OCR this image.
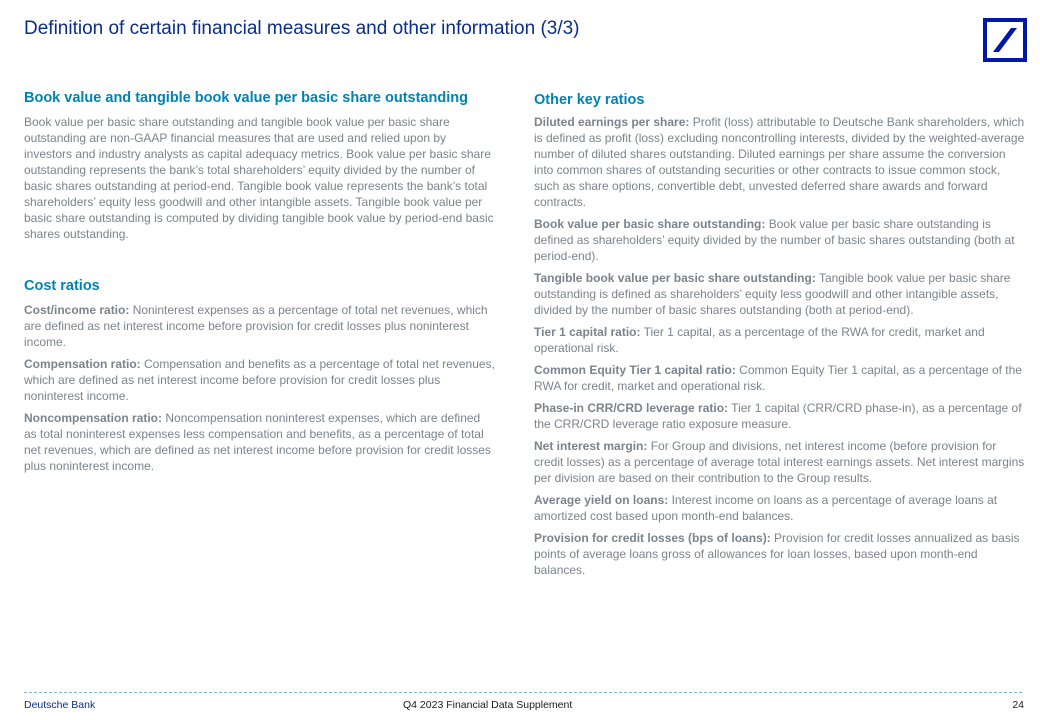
Definition of certain financial measures and other information (3/3)
Book value and tangible book value per basic share outstanding

Book value per basic share outstanding and tangible book value per basic share outstanding are non-GAAP financial measures that are used and relied upon by investors and industry analysts as capital adequacy metrics. Book value per basic share outstanding represents the bank’s total shareholders’ equity divided by the number of basic shares outstanding at period-end. Tangible book value represents the bank’s total shareholders’ equity less goodwill and other intangible assets. Tangible book value per basic share outstanding is computed by dividing tangible book value by period-end basic shares outstanding.

Cost ratios

Cost/income ratio: Noninterest expenses as a percentage of total net revenues, which are defined as net interest income before provision for credit losses plus noninterest income.

Compensation ratio: Compensation and benefits as a percentage of total net revenues, which are defined as net interest income before provision for credit losses plus noninterest income.

Noncompensation ratio: Noncompensation noninterest expenses, which are defined as total noninterest expenses less compensation and benefits, as a percentage of total net revenues, which are defined as net interest income before provision for credit losses plus noninterest income.

Other key ratios

Diluted earnings per share: Profit (loss) attributable to Deutsche Bank shareholders, which is defined as profit (loss) excluding noncontrolling interests, divided by the weighted-average number of diluted shares outstanding. Diluted earnings per share assume the conversion into common shares of outstanding securities or other contracts to issue common stock, such as share options, convertible debt, unvested deferred share awards and forward contracts.

Book value per basic share outstanding: Book value per basic share outstanding is defined as shareholders’ equity divided by the number of basic shares outstanding (both at period-end).

Tangible book value per basic share outstanding: Tangible book value per basic share outstanding is defined as shareholders’ equity less goodwill and other intangible assets, divided by the number of basic shares outstanding (both at period-end).

Tier 1 capital ratio: Tier 1 capital, as a percentage of the RWA for credit, market and operational risk.

Common Equity Tier 1 capital ratio: Common Equity Tier 1 capital, as a percentage of the RWA for credit, market and operational risk.

Phase-in CRR/CRD leverage ratio: Tier 1 capital (CRR/CRD phase-in), as a percentage of the CRR/CRD leverage ratio exposure measure.

Net interest margin: For Group and divisions, net interest income (before provision for credit losses) as a percentage of average total interest earnings assets. Net interest margins per division are based on their contribution to the Group results.

Average yield on loans: Interest income on loans as a percentage of average loans at amortized cost based upon month-end balances.

Provision for credit losses (bps of loans): Provision for credit losses annualized as basis points of average loans gross of allowances for loan losses, based upon month-end balances.

Deutsche Bank	Q4 2023 Financial Data Supplement	24
